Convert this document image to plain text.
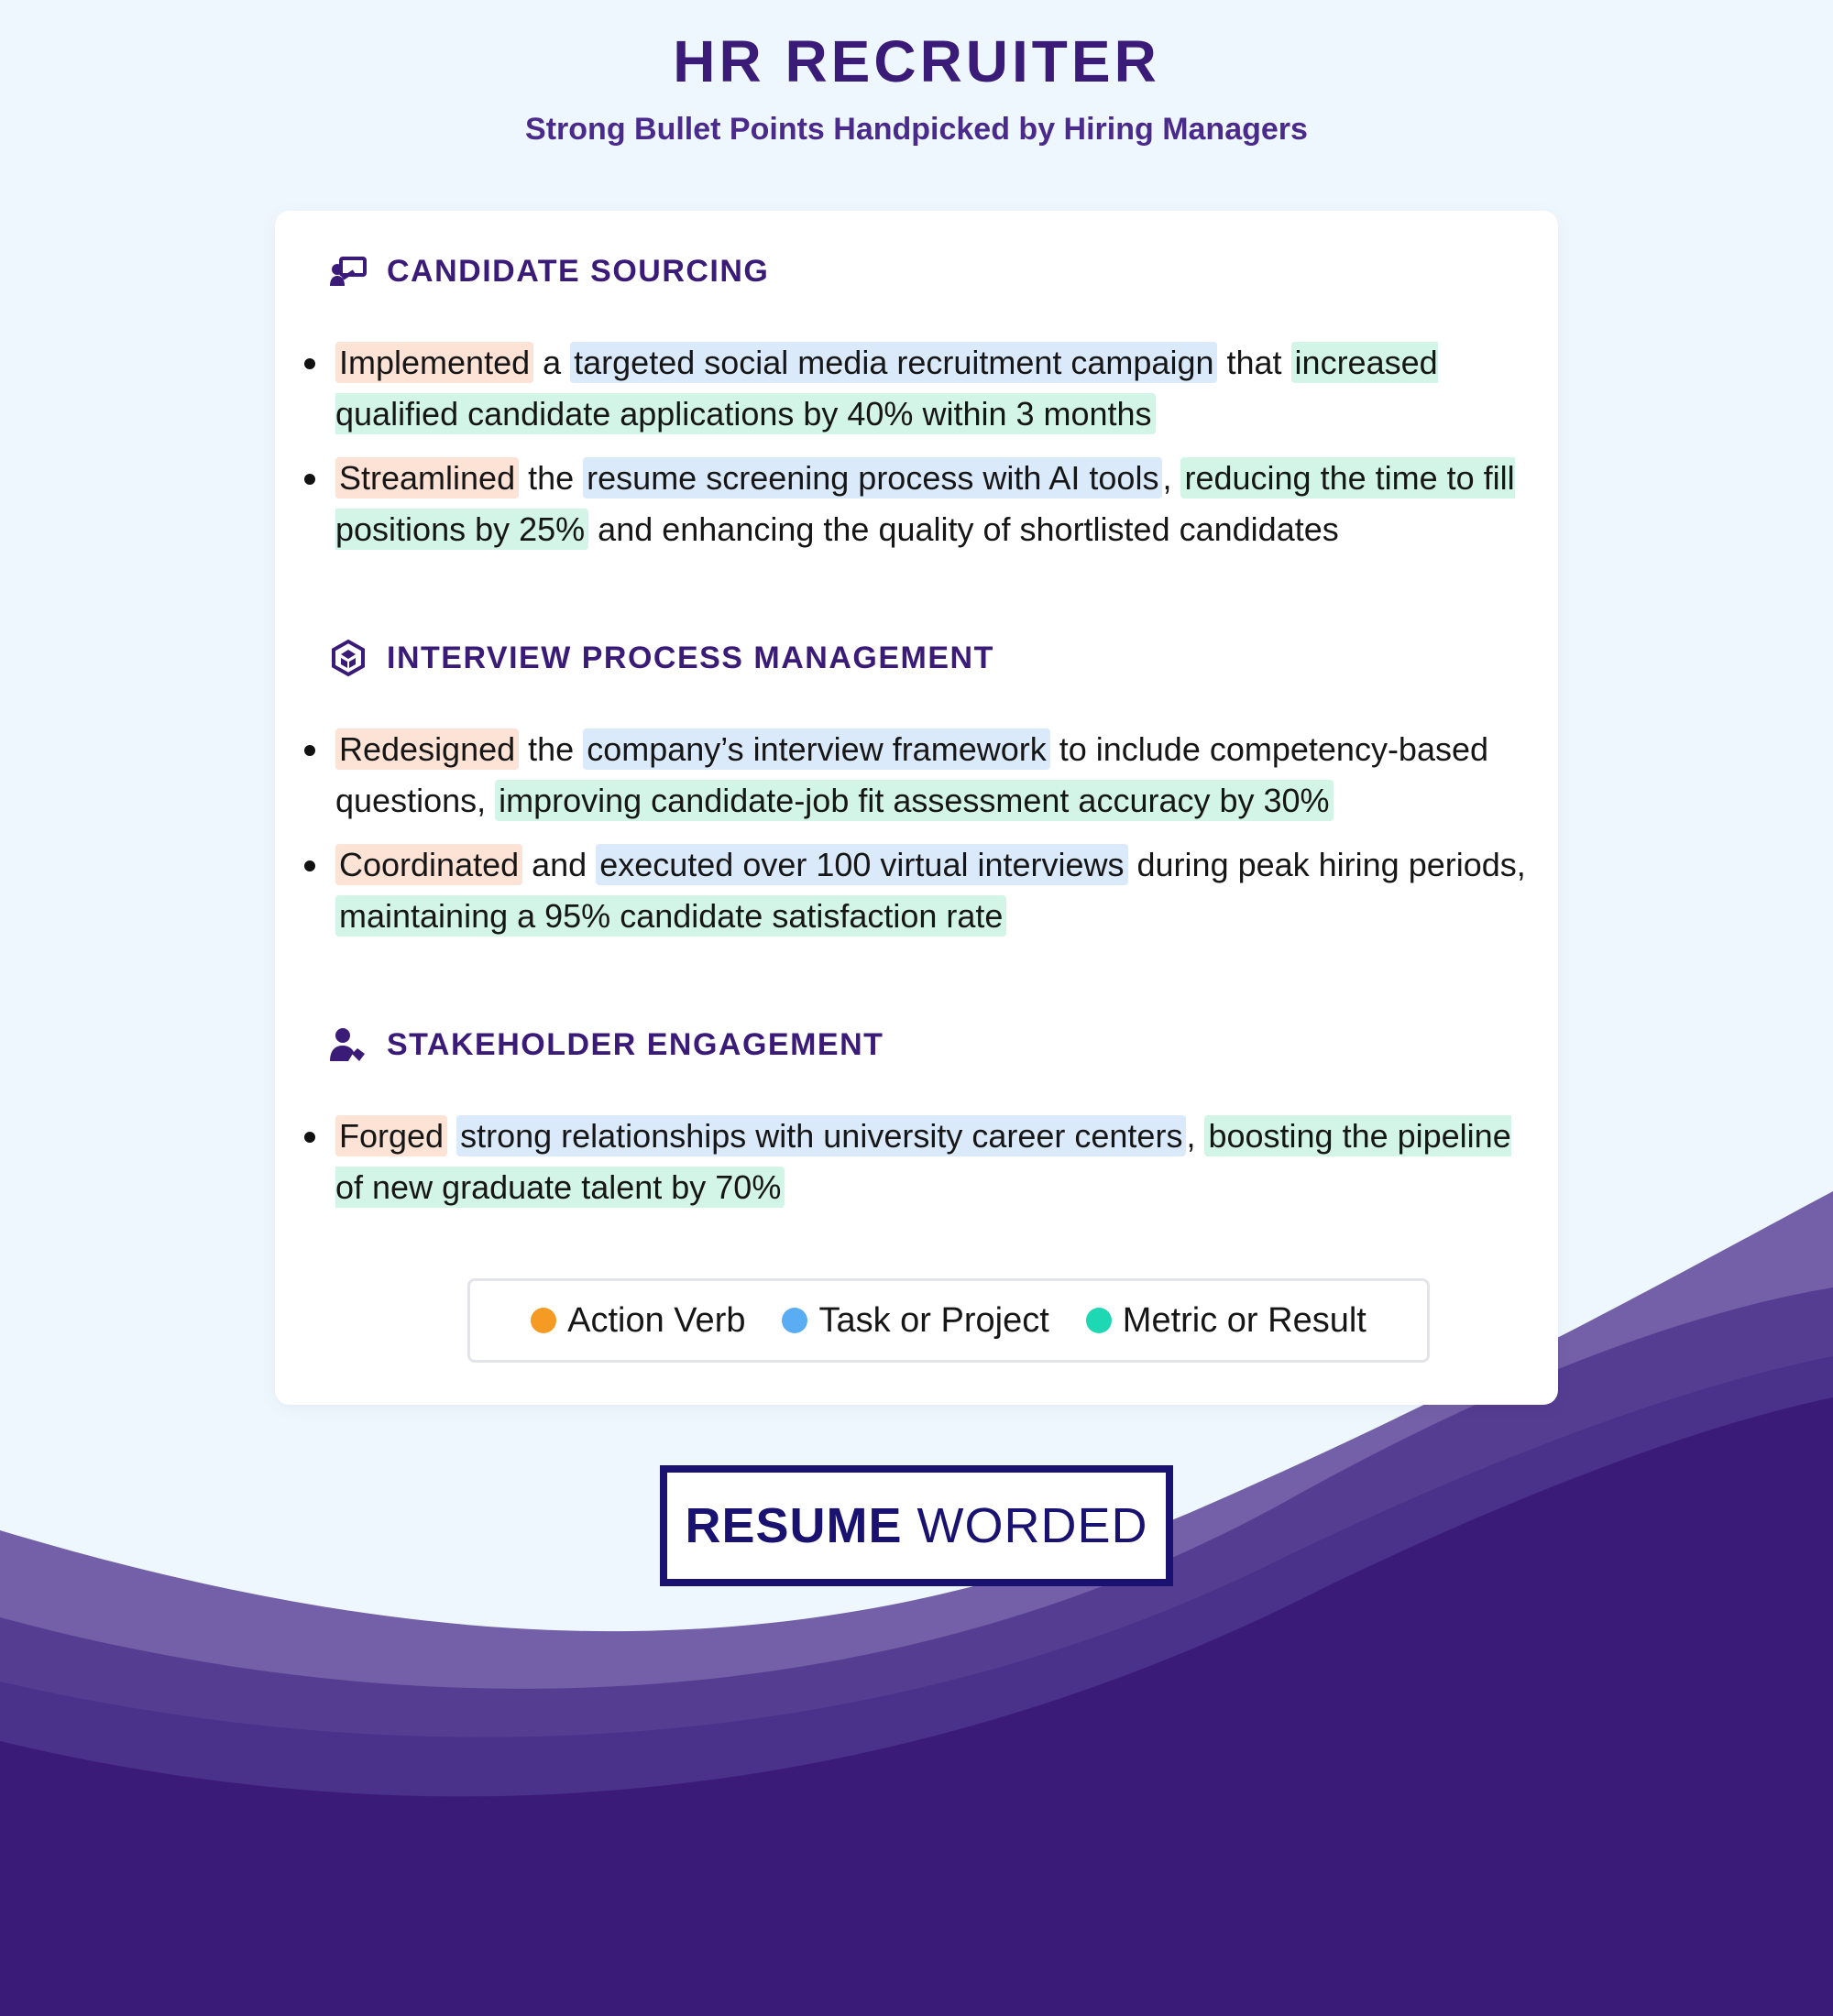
HR RECRUITER

Strong Bullet Points Handpicked by Hiring Managers

CANDIDATE SOURCING
Implemented a targeted social media recruitment campaign that increased qualified candidate applications by 40% within 3 months
Streamlined the resume screening process with AI tools , reducing the time to fill positions by 25% and enhancing the quality of shortlisted candidates
INTERVIEW PROCESS MANAGEMENT
Redesigned the company’s interview framework to include competency-based questions, improving candidate-job fit assessment accuracy by 30%
Coordinated and executed over 100 virtual interviews during peak hiring periods, maintaining a 95% candidate satisfaction rate
STAKEHOLDER ENGAGEMENT
Forged strong relationships with university career centers , boosting the pipeline of new graduate talent by 70%
Action Verb Task or Project Metric or Result
RESUME WORDED
